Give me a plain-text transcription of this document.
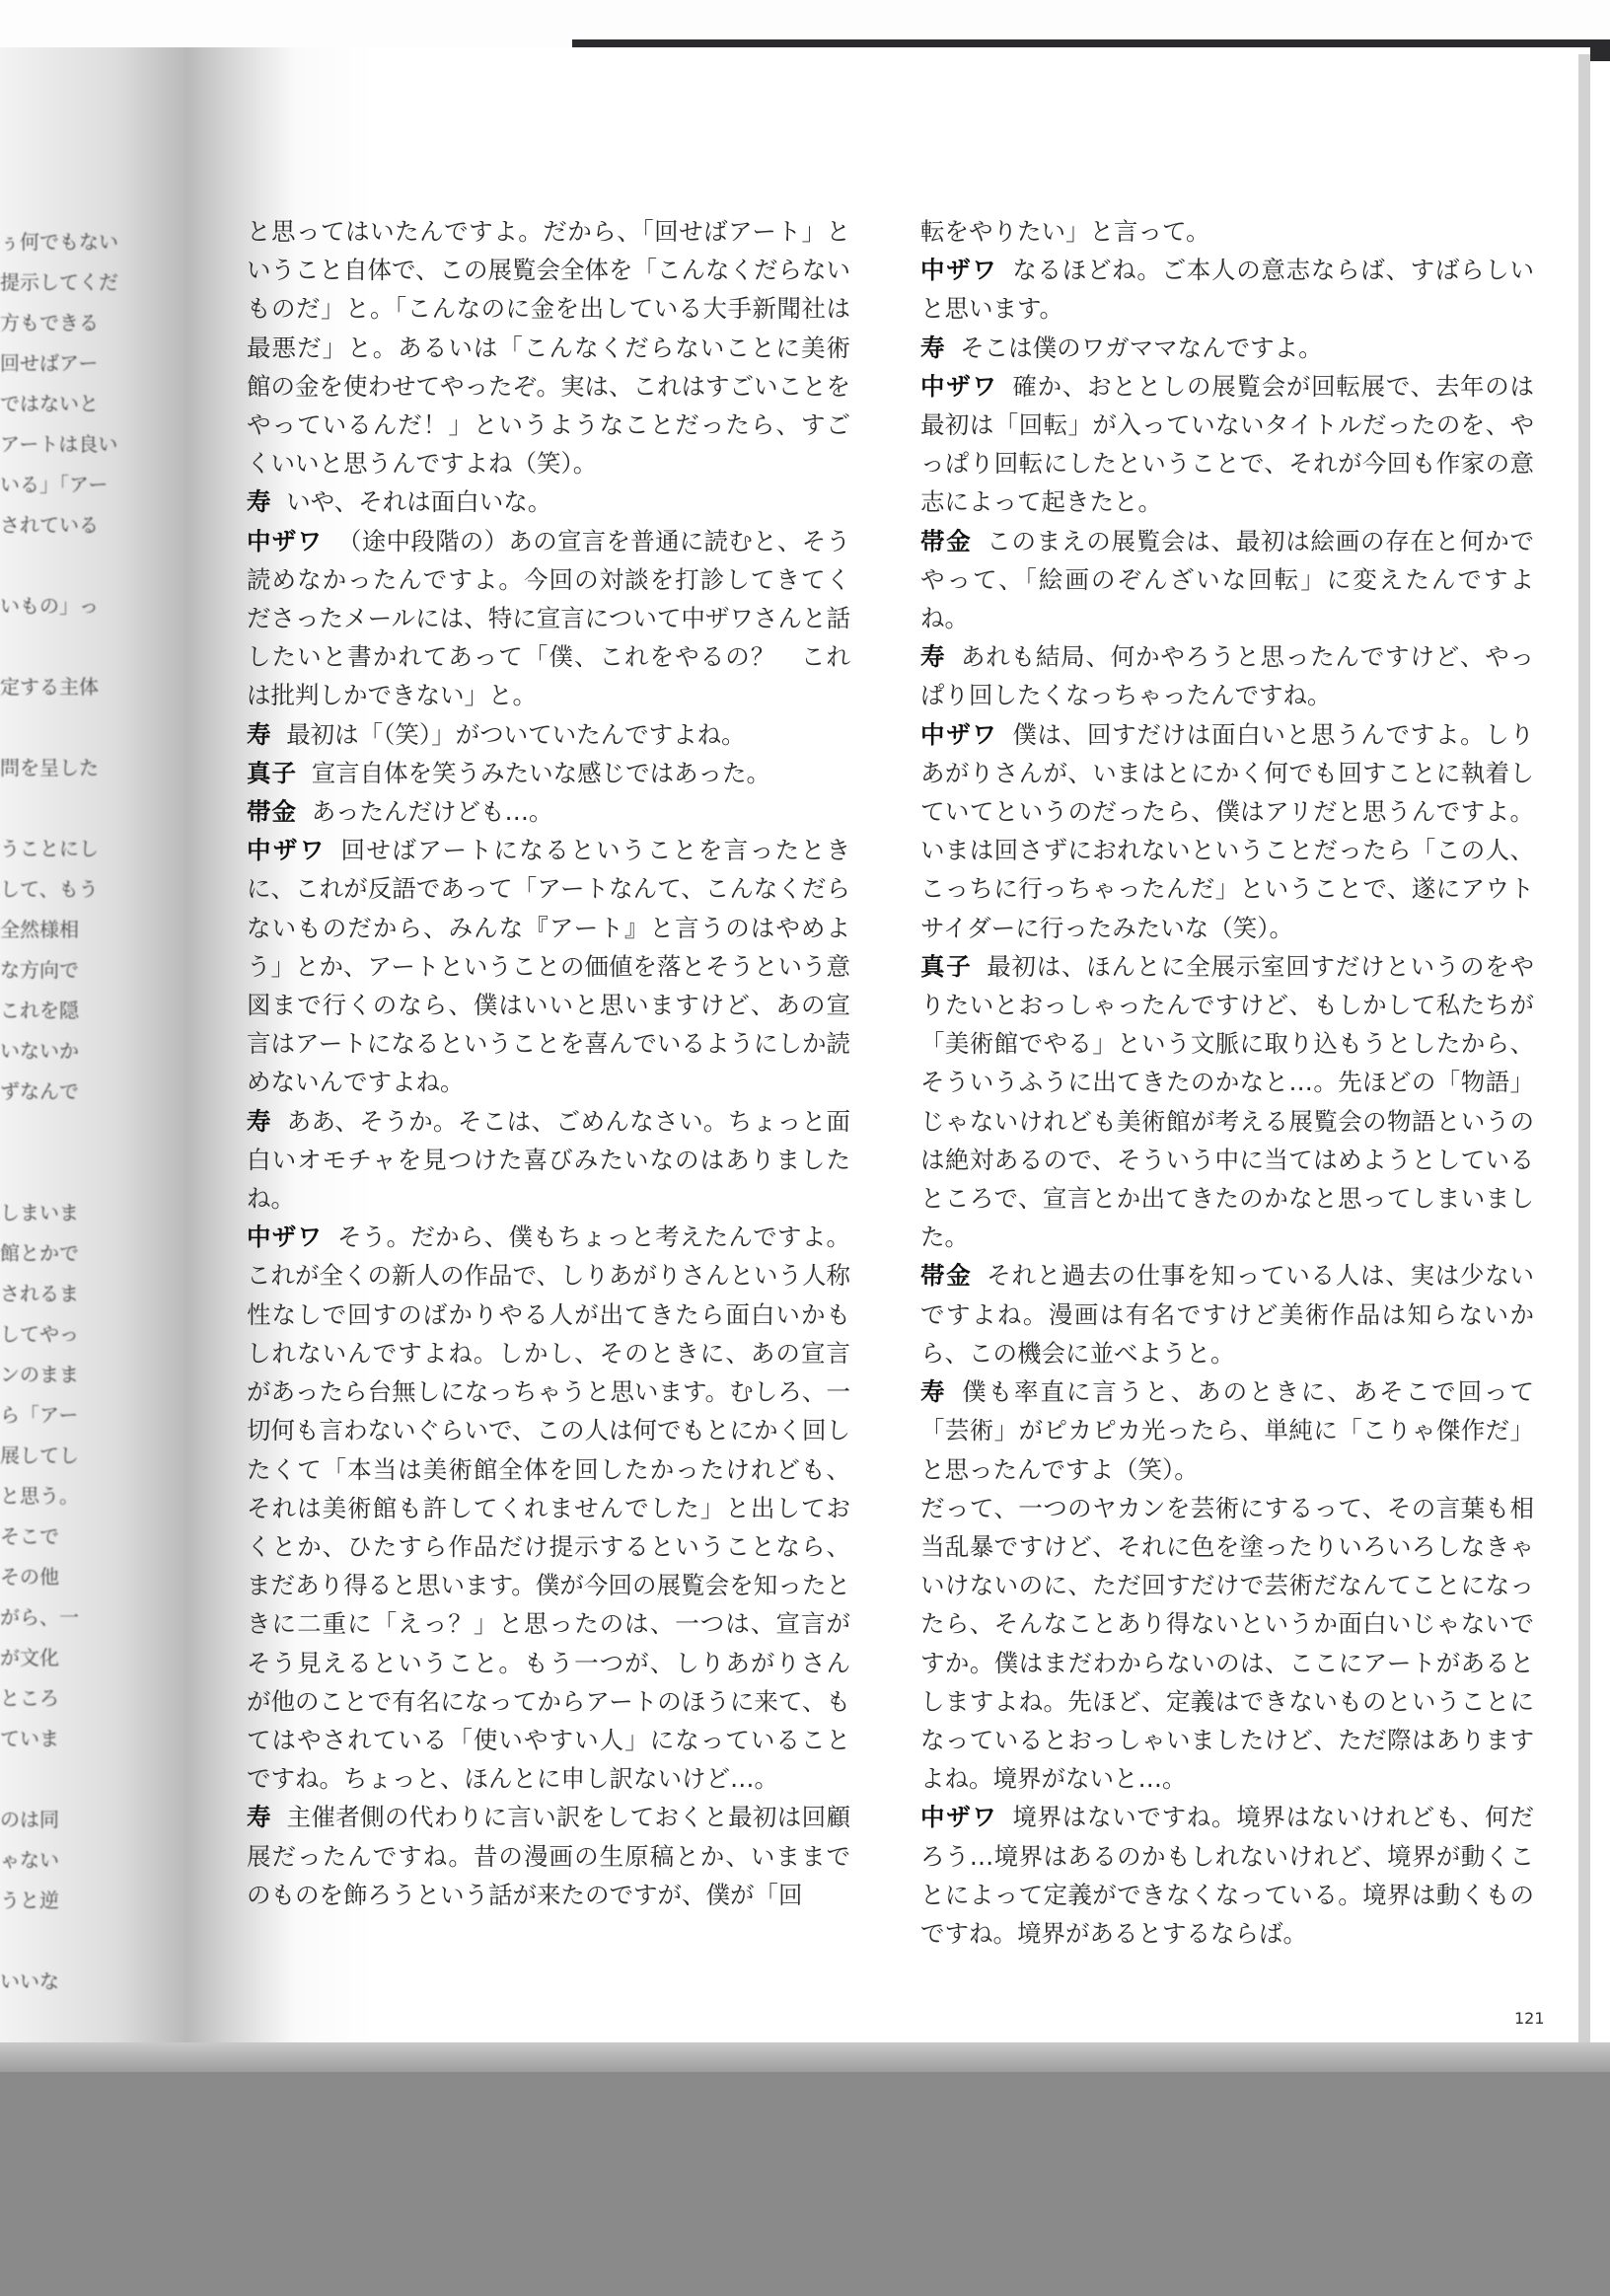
ぅ何でもない
提示してくだ
方もできる
回せばアー
ではないと
アートは良い
いる」「アー
されている
いもの」っ
定する主体
問を呈した
うことにし
して、もう
全然様相
な方向で
これを隠
いないか
ずなんで
しまいま
館とかで
されるま
してやっ
ンのまま
ら「アー
展してし
と思う。
そこで
その他
がら、一
が文化
ところ
ていま
のは同
ゃない
うと逆
いいな

と思ってはいたんですよ。だから、「回せばアート」ということ自体で、この展覧会全体を「こんなくだらないものだ」と。「こんなのに金を出している大手新聞社は最悪だ」と。あるいは「こんなくだらないことに美術館の金を使わせてやったぞ。実は、これはすごいことをやっているんだ！」というようなことだったら、すごくいいと思うんですよね（笑）。

寿 いや、それは面白いな。

中ザワ （途中段階の）あの宣言を普通に読むと、そう読めなかったんですよ。今回の対談を打診してきてくださったメールには、特に宣言について中ザワさんと話したいと書かれてあって「僕、これをやるの？　これは批判しかできない」と。

寿 最初は「（笑）」がついていたんですよね。

真子 宣言自体を笑うみたいな感じではあった。

帯金 あったんだけども…。

中ザワ 回せばアートになるということを言ったときに、これが反語であって「アートなんて、こんなくだらないものだから、みんな『アート』と言うのはやめよう」とか、アートということの価値を落とそうという意図まで行くのなら、僕はいいと思いますけど、あの宣言はアートになるということを喜んでいるようにしか読めないんですよね。

寿 ああ、そうか。そこは、ごめんなさい。ちょっと面白いオモチャを見つけた喜びみたいなのはありましたね。

中ザワ そう。だから、僕もちょっと考えたんですよ。これが全くの新人の作品で、しりあがりさんという人称性なしで回すのばかりやる人が出てきたら面白いかもしれないんですよね。しかし、そのときに、あの宣言があったら台無しになっちゃうと思います。むしろ、一切何も言わないぐらいで、この人は何でもとにかく回したくて「本当は美術館全体を回したかったけれども、それは美術館も許してくれませんでした」と出しておくとか、ひたすら作品だけ提示するということなら、まだあり得ると思います。僕が今回の展覧会を知ったときに二重に「えっ？」と思ったのは、一つは、宣言がそう見えるということ。もう一つが、しりあがりさんが他のことで有名になってからアートのほうに来て、もてはやされている「使いやすい人」になっていることですね。ちょっと、ほんとに申し訳ないけど…。

寿 主催者側の代わりに言い訳をしておくと最初は回顧展だったんですね。昔の漫画の生原稿とか、いままでのものを飾ろうという話が来たのですが、僕が「回

転をやりたい」と言って。

中ザワ なるほどね。ご本人の意志ならば、すばらしいと思います。

寿 そこは僕のワガママなんですよ。

中ザワ 確か、おととしの展覧会が回転展で、去年のは最初は「回転」が入っていないタイトルだったのを、やっぱり回転にしたということで、それが今回も作家の意志によって起きたと。

帯金 このまえの展覧会は、最初は絵画の存在と何かでやって、「絵画のぞんざいな回転」に変えたんですよね。

寿 あれも結局、何かやろうと思ったんですけど、やっぱり回したくなっちゃったんですね。

中ザワ 僕は、回すだけは面白いと思うんですよ。しりあがりさんが、いまはとにかく何でも回すことに執着していてというのだったら、僕はアリだと思うんですよ。いまは回さずにおれないということだったら「この人、こっちに行っちゃったんだ」ということで、遂にアウトサイダーに行ったみたいな（笑）。

真子 最初は、ほんとに全展示室回すだけというのをやりたいとおっしゃったんですけど、もしかして私たちが「美術館でやる」という文脈に取り込もうとしたから、そういうふうに出てきたのかなと…。先ほどの「物語」じゃないけれども美術館が考える展覧会の物語というのは絶対あるので、そういう中に当てはめようとしているところで、宣言とか出てきたのかなと思ってしまいました。

帯金 それと過去の仕事を知っている人は、実は少ないですよね。漫画は有名ですけど美術作品は知らないから、この機会に並べようと。

寿 僕も率直に言うと、あのときに、あそこで回って「芸術」がピカピカ光ったら、単純に「こりゃ傑作だ」と思ったんですよ（笑）。

だって、一つのヤカンを芸術にするって、その言葉も相当乱暴ですけど、それに色を塗ったりいろいろしなきゃいけないのに、ただ回すだけで芸術だなんてことになったら、そんなことあり得ないというか面白いじゃないですか。僕はまだわからないのは、ここにアートがあるとしますよね。先ほど、定義はできないものということになっているとおっしゃいましたけど、ただ際はありますよね。境界がないと…。

中ザワ 境界はないですね。境界はないけれども、何だろう…境界はあるのかもしれないけれど、境界が動くことによって定義ができなくなっている。境界は動くものですね。境界があるとするならば。

121
